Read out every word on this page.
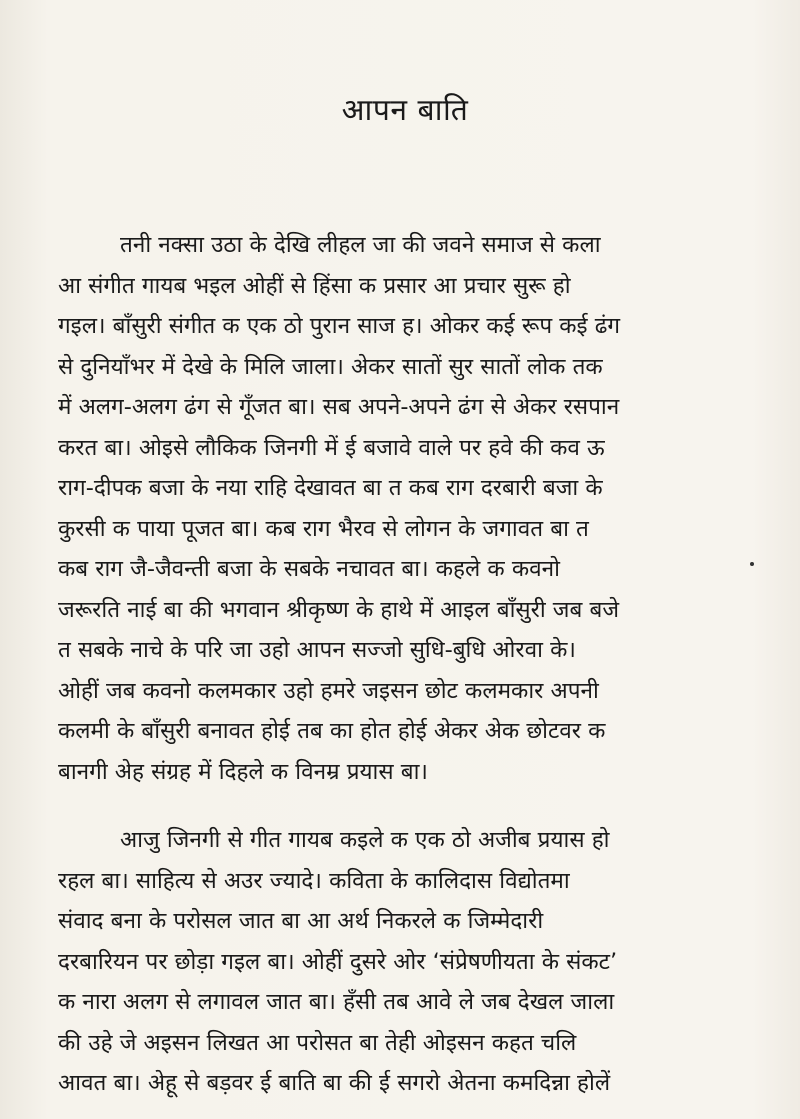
आपन बाति

तनी नक्सा उठा के देखि लीहल जा की जवने समाज से कला
आ संगीत गायब भइल ओहीं से हिंसा क प्रसार आ प्रचार सुरू हो
गइल। बाँसुरी संगीत क एक ठो पुरान साज ह। ओकर कई रूप कई ढंग
से दुनियाँभर में देखे के मिलि जाला। अेकर सातों सुर सातों लोक तक
में अलग-अलग ढंग से गूँजत बा। सब अपने-अपने ढंग से अेकर रसपान
करत बा। ओइसे लौकिक जिनगी में ई बजावे वाले पर हवे की कव ऊ
राग-दीपक बजा के नया राहि देखावत बा त कब राग दरबारी बजा के
कुरसी क पाया पूजत बा। कब राग भैरव से लोगन के जगावत बा त
कब राग जै-जैवन्ती बजा के सबके नचावत बा। कहले क कवनो
जरूरति नाई बा की भगवान श्रीकृष्ण के हाथे में आइल बाँसुरी जब बजे
त सबके नाचे के परि जा उहो आपन सज्जो सुधि-बुधि ओरवा के।
ओहीं जब कवनो कलमकार उहो हमरे जइसन छोट कलमकार अपनी
कलमी के बाँसुरी बनावत होई तब का होत होई अेकर अेक छोटवर क
बानगी अेह संग्रह में दिहले क विनम्र प्रयास बा।

आजु जिनगी से गीत गायब कइले क एक ठो अजीब प्रयास हो
रहल बा। साहित्य से अउर ज्यादे। कविता के कालिदास विद्योतमा
संवाद बना के परोसल जात बा आ अर्थ निकरले क जिम्मेदारी
दरबारियन पर छोड़ा गइल बा। ओहीं दुसरे ओर ‘संप्रेषणीयता के संकट’
क नारा अलग से लगावल जात बा। हँसी तब आवे ले जब देखल जाला
की उहे जे अइसन लिखत आ परोसत बा तेही ओइसन कहत चलि
आवत बा। अेहू से बड़वर ई बाति बा की ई सगरो अेतना कमदिन्ना होलें
